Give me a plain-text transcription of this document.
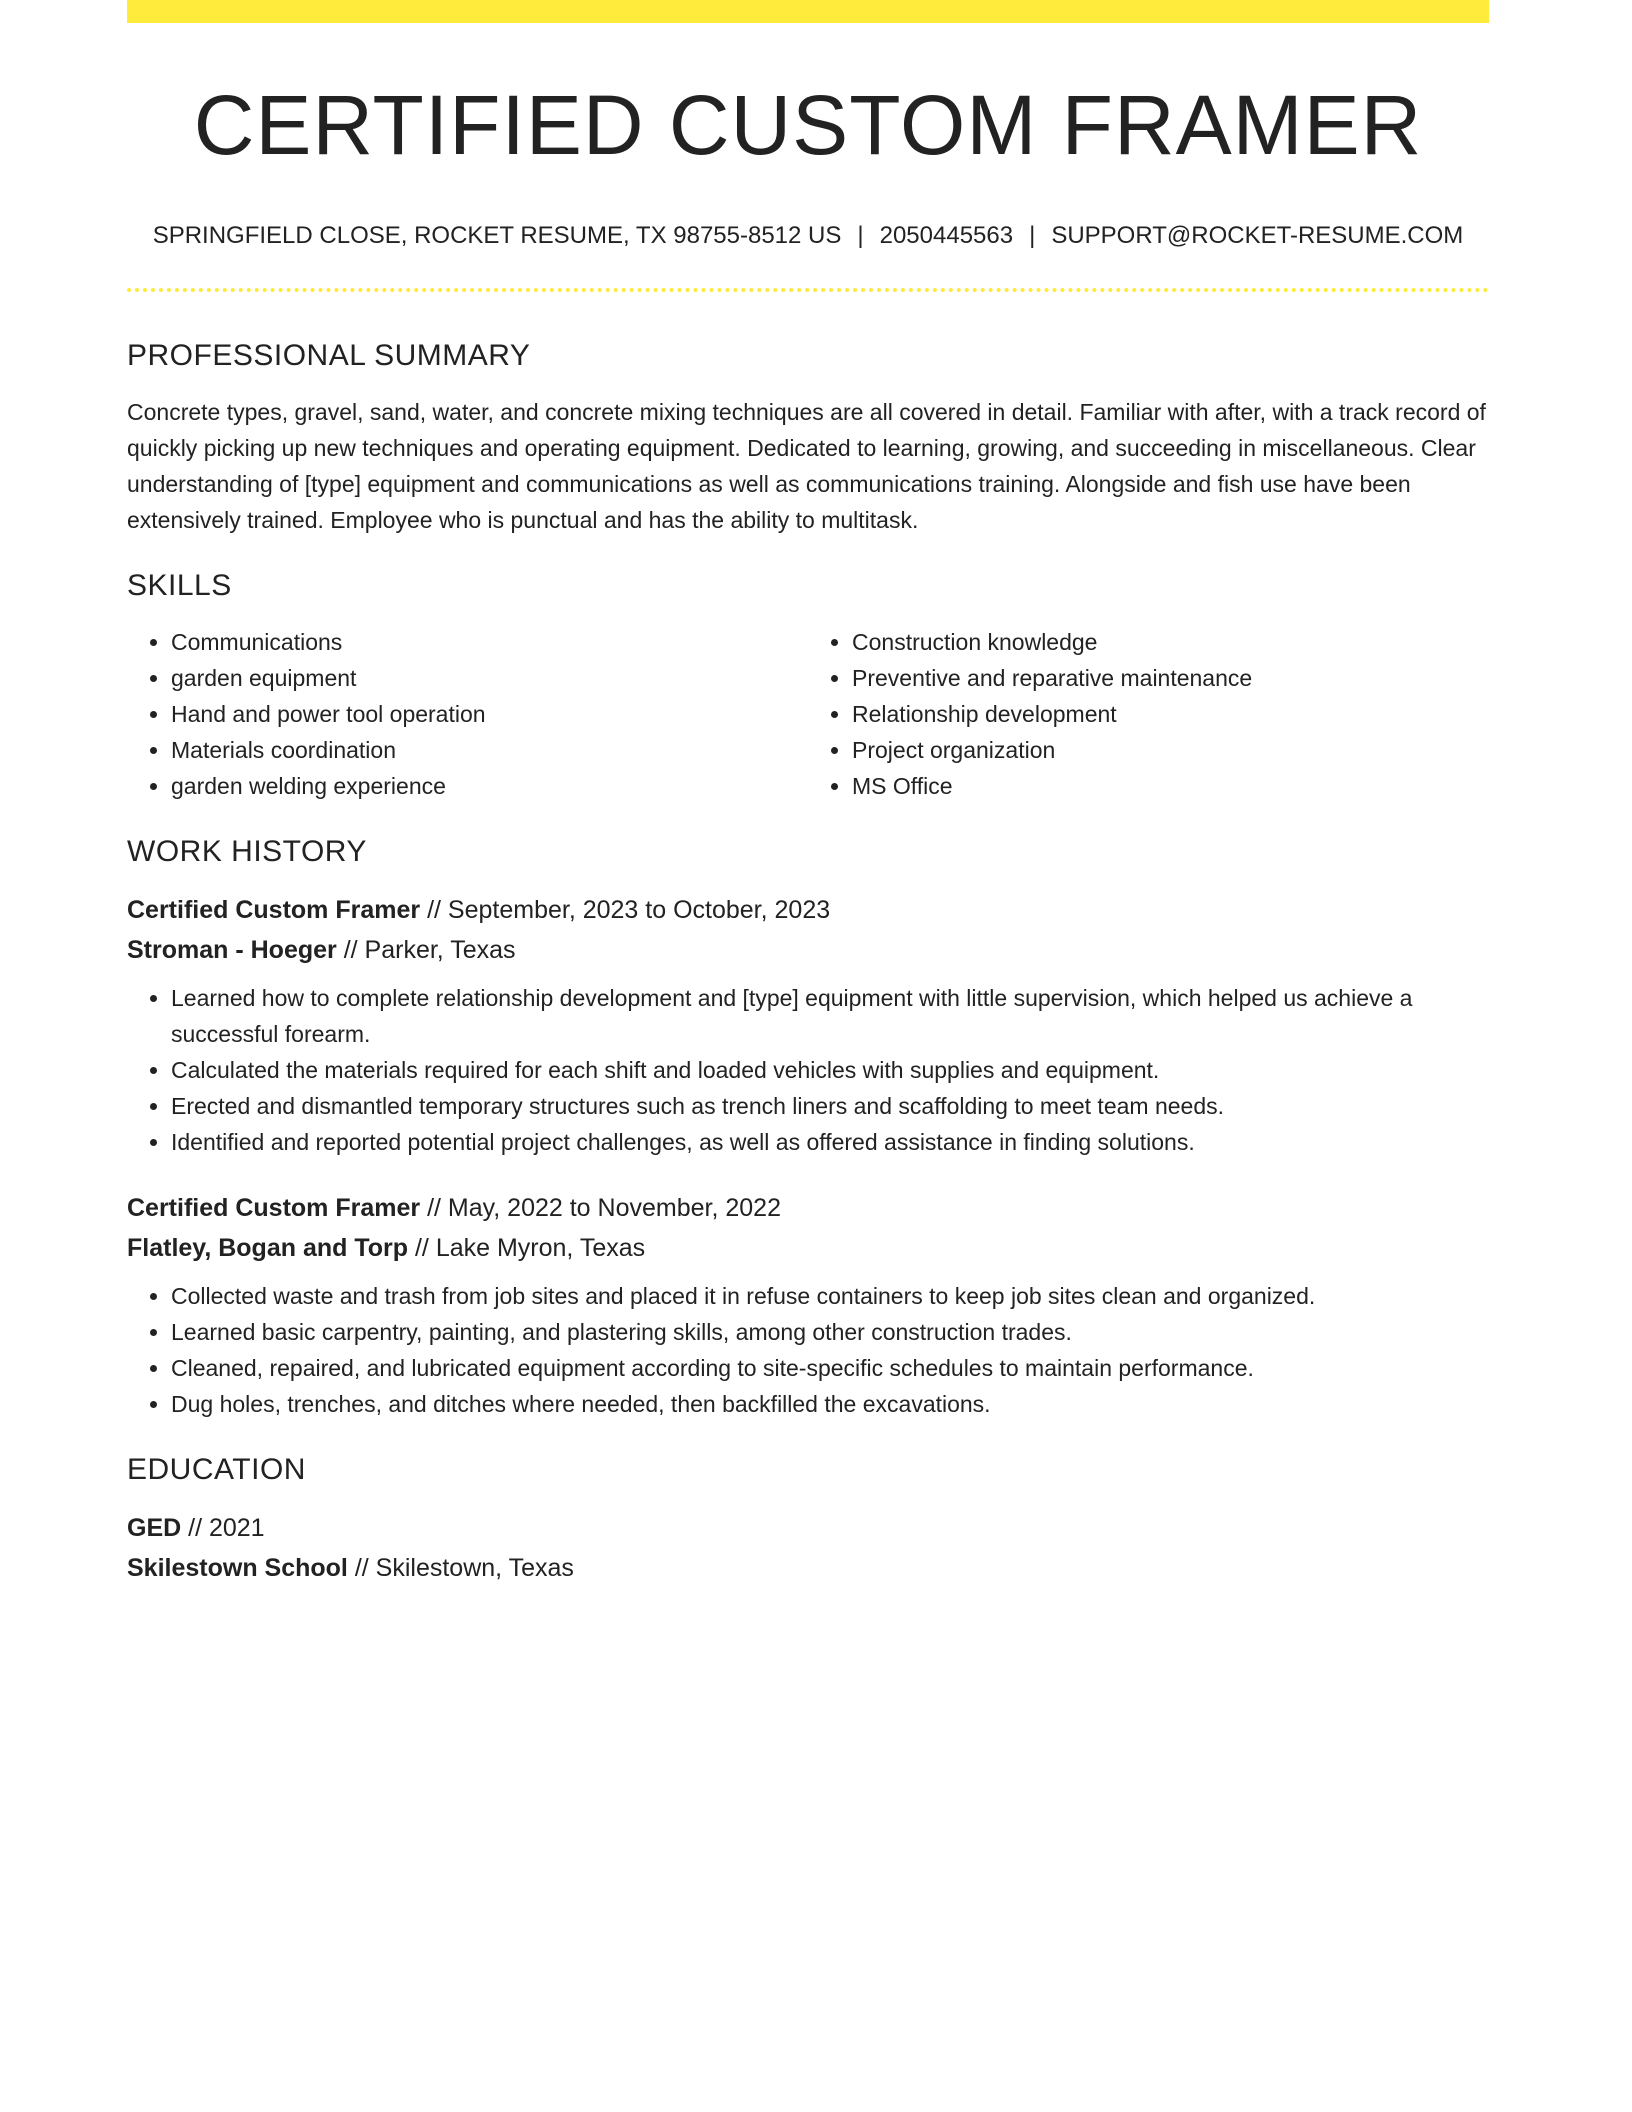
CERTIFIED CUSTOM FRAMER
SPRINGFIELD CLOSE, ROCKET RESUME, TX 98755-8512 US | 2050445563 | SUPPORT@ROCKET-RESUME.COM
PROFESSIONAL SUMMARY

Concrete types, gravel, sand, water, and concrete mixing techniques are all covered in detail. Familiar with after, with a track record of quickly picking up new techniques and operating equipment. Dedicated to learning, growing, and succeeding in miscellaneous. Clear understanding of [type] equipment and communications as well as communications training. Alongside and fish use have been extensively trained. Employee who is punctual and has the ability to multitask.

SKILLS
• Communications
• garden equipment
• Hand and power tool operation
• Materials coordination
• garden welding experience
• Construction knowledge
• Preventive and reparative maintenance
• Relationship development
• Project organization
• MS Office
WORK HISTORY
Certified Custom Framer // September, 2023 to October, 2023
Stroman - Hoeger // Parker, Texas
• Learned how to complete relationship development and [type] equipment with little supervision, which helped us achieve a successful forearm.
• Calculated the materials required for each shift and loaded vehicles with supplies and equipment.
• Erected and dismantled temporary structures such as trench liners and scaffolding to meet team needs.
• Identified and reported potential project challenges, as well as offered assistance in finding solutions.
Certified Custom Framer // May, 2022 to November, 2022
Flatley, Bogan and Torp // Lake Myron, Texas
• Collected waste and trash from job sites and placed it in refuse containers to keep job sites clean and organized.
• Learned basic carpentry, painting, and plastering skills, among other construction trades.
• Cleaned, repaired, and lubricated equipment according to site-specific schedules to maintain performance.
• Dug holes, trenches, and ditches where needed, then backfilled the excavations.
EDUCATION
GED // 2021
Skilestown School // Skilestown, Texas
